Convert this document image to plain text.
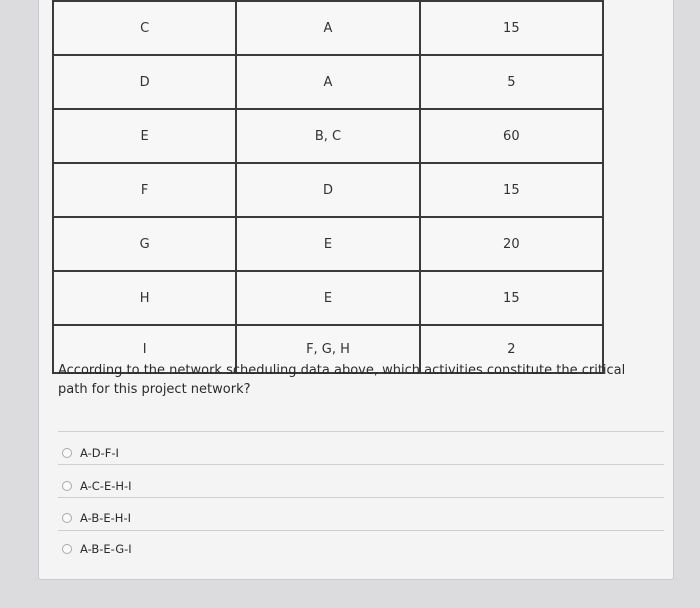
C	A	15
D	A	5
E	B, C	60
F	D	15
G	E	20
H	E	15
I	F, G, H	2
According to the network scheduling data above, which activities constitute the critical path for this project network?
A-D-F-I
A-C-E-H-I
A-B-E-H-I
A-B-E-G-I
